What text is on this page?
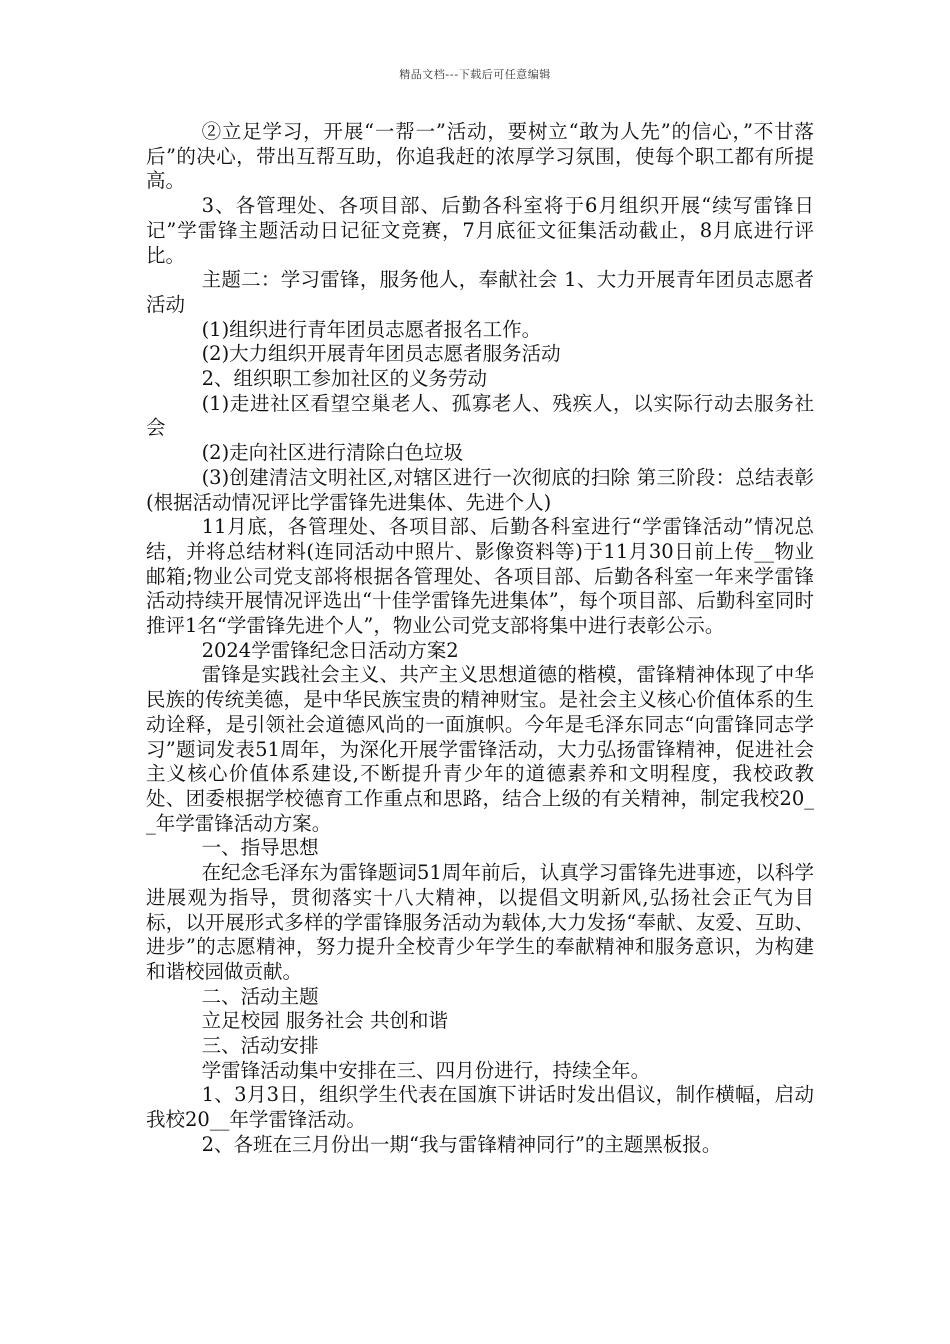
精品文档---下载后可任意编辑

②立足学习，开展“一帮一”活动，要树立“敢为人先”的信心，”不甘落后”的决心，带出互帮互助，你追我赶的浓厚学习氛围，使每个职工都有所提高。

3、各管理处、各项目部、后勤各科室将于6月组织开展“续写雷锋日记”学雷锋主题活动日记征文竞赛，7月底征文征集活动截止，8月底进行评比。

主题二：学习雷锋，服务他人，奉献社会 1、大力开展青年团员志愿者活动

(1)组织进行青年团员志愿者报名工作。

(2)大力组织开展青年团员志愿者服务活动

2、组织职工参加社区的义务劳动

(1)走进社区看望空巢老人、孤寡老人、残疾人，以实际行动去服务社会

(2)走向社区进行清除白色垃圾

(3)创建清洁文明社区,对辖区进行一次彻底的扫除 第三阶段：总结表彰(根据活动情况评比学雷锋先进集体、先进个人)

11月底，各管理处、各项目部、后勤各科室进行“学雷锋活动”情况总结，并将总结材料(连同活动中照片、影像资料等)于11月30日前上传__物业邮箱;物业公司党支部将根据各管理处、各项目部、后勤各科室一年来学雷锋活动持续开展情况评选出“十佳学雷锋先进集体”，每个项目部、后勤科室同时推评1名“学雷锋先进个人”，物业公司党支部将集中进行表彰公示。

2024学雷锋纪念日活动方案2

雷锋是实践社会主义、共产主义思想道德的楷模，雷锋精神体现了中华民族的传统美德，是中华民族宝贵的精神财宝。是社会主义核心价值体系的生动诠释，是引领社会道德风尚的一面旗帜。今年是毛泽东同志“向雷锋同志学习”题词发表51周年，为深化开展学雷锋活动，大力弘扬雷锋精神，促进社会主义核心价值体系建设,不断提升青少年的道德素养和文明程度，我校政教处、团委根据学校德育工作重点和思路，结合上级的有关精神，制定我校20__年学雷锋活动方案。

一、指导思想

在纪念毛泽东为雷锋题词51周年前后，认真学习雷锋先进事迹，以科学进展观为指导，贯彻落实十八大精神，以提倡文明新风,弘扬社会正气为目标，以开展形式多样的学雷锋服务活动为载体,大力发扬“奉献、友爱、互助、进步”的志愿精神，努力提升全校青少年学生的奉献精神和服务意识，为构建和谐校园做贡献。

二、活动主题

立足校园 服务社会 共创和谐

三、活动安排

学雷锋活动集中安排在三、四月份进行，持续全年。

1、3月3日，组织学生代表在国旗下讲话时发出倡议，制作横幅，启动我校20__年学雷锋活动。

2、各班在三月份出一期“我与雷锋精神同行”的主题黑板报。
